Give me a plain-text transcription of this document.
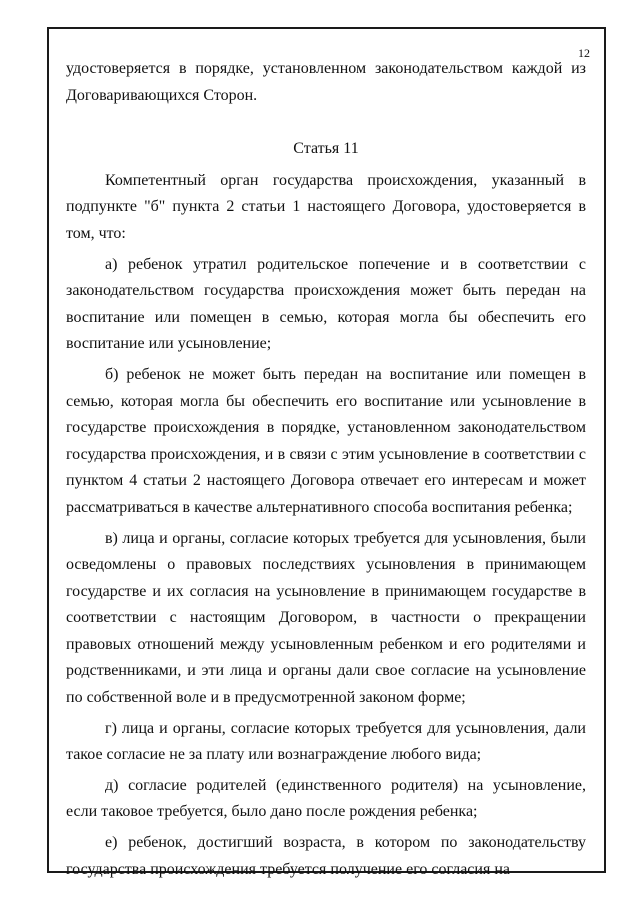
12

удостоверяется в порядке, установленном законодательством каждой из Договаривающихся Сторон.

Статья 11

Компетентный орган государства происхождения, указанный в подпункте "б" пункта 2 статьи 1 настоящего Договора, удостоверяется в том, что:

а) ребенок утратил родительское попечение и в соответствии с законодательством государства происхождения может быть передан на воспитание или помещен в семью, которая могла бы обеспечить его воспитание или усыновление;

б) ребенок не может быть передан на воспитание или помещен в семью, которая могла бы обеспечить его воспитание или усыновление в государстве происхождения в порядке, установленном законодательством государства происхождения, и в связи с этим усыновление в соответствии с пунктом 4 статьи 2 настоящего Договора отвечает его интересам и может рассматриваться в качестве альтернативного способа воспитания ребенка;

в) лица и органы, согласие которых требуется для усыновления, были осведомлены о правовых последствиях усыновления в принимающем государстве и их согласия на усыновление в принимающем государстве в соответствии с настоящим Договором, в частности о прекращении правовых отношений между усыновленным ребенком и его родителями и родственниками, и эти лица и органы дали свое согласие на усыновление по собственной воле и в предусмотренной законом форме;

г) лица и органы, согласие которых требуется для усыновления, дали такое согласие не за плату или вознаграждение любого вида;

д) согласие родителей (единственного родителя) на усыновление, если таковое требуется, было дано после рождения ребенка;

е) ребенок, достигший возраста, в котором по законодательству государства происхождения требуется получение его согласия на
